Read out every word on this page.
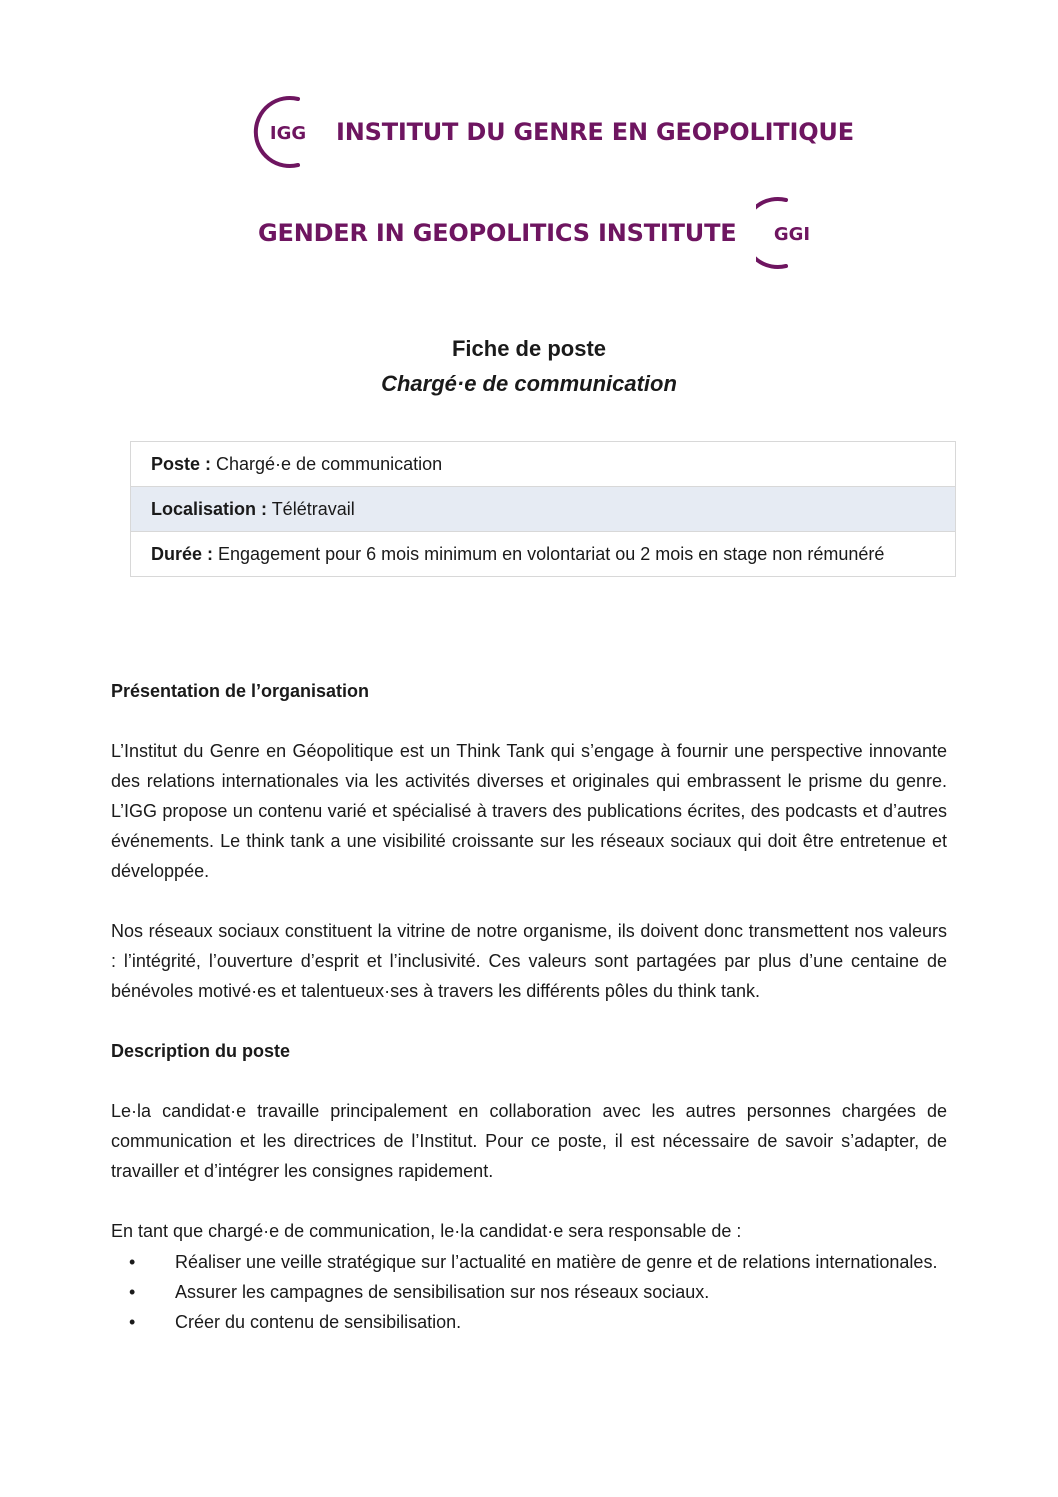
IGG INSTITUT DU GENRE EN GEOPOLITIQUE
GENDER IN GEOPOLITICS INSTITUTE GGI
Fiche de poste
Chargé·e de communication
Poste : Chargé·e de communication
Localisation : Télétravail
Durée : Engagement pour 6 mois minimum en volontariat ou 2 mois en stage non rémunéré

Présentation de l’organisation

L’Institut du Genre en Géopolitique est un Think Tank qui s’engage à fournir une perspective innovante des relations internationales via les activités diverses et originales qui embrassent le prisme du genre. L’IGG propose un contenu varié et spécialisé à travers des publications écrites, des podcasts et d’autres événements. Le think tank a une visibilité croissante sur les réseaux sociaux qui doit être entretenue et développée.

Nos réseaux sociaux constituent la vitrine de notre organisme, ils doivent donc transmettent nos valeurs : l’intégrité, l’ouverture d’esprit et l’inclusivité. Ces valeurs sont partagées par plus d’une centaine de bénévoles motivé·es et talentueux·ses à travers les différents pôles du think tank.

Description du poste

Le·la candidat·e travaille principalement en collaboration avec les autres personnes chargées de communication et les directrices de l’Institut. Pour ce poste, il est nécessaire de savoir s’adapter, de travailler et d’intégrer les consignes rapidement.

En tant que chargé·e de communication, le·la candidat·e sera responsable de :

• Réaliser une veille stratégique sur l’actualité en matière de genre et de relations internationales.
• Assurer les campagnes de sensibilisation sur nos réseaux sociaux.
• Créer du contenu de sensibilisation.
